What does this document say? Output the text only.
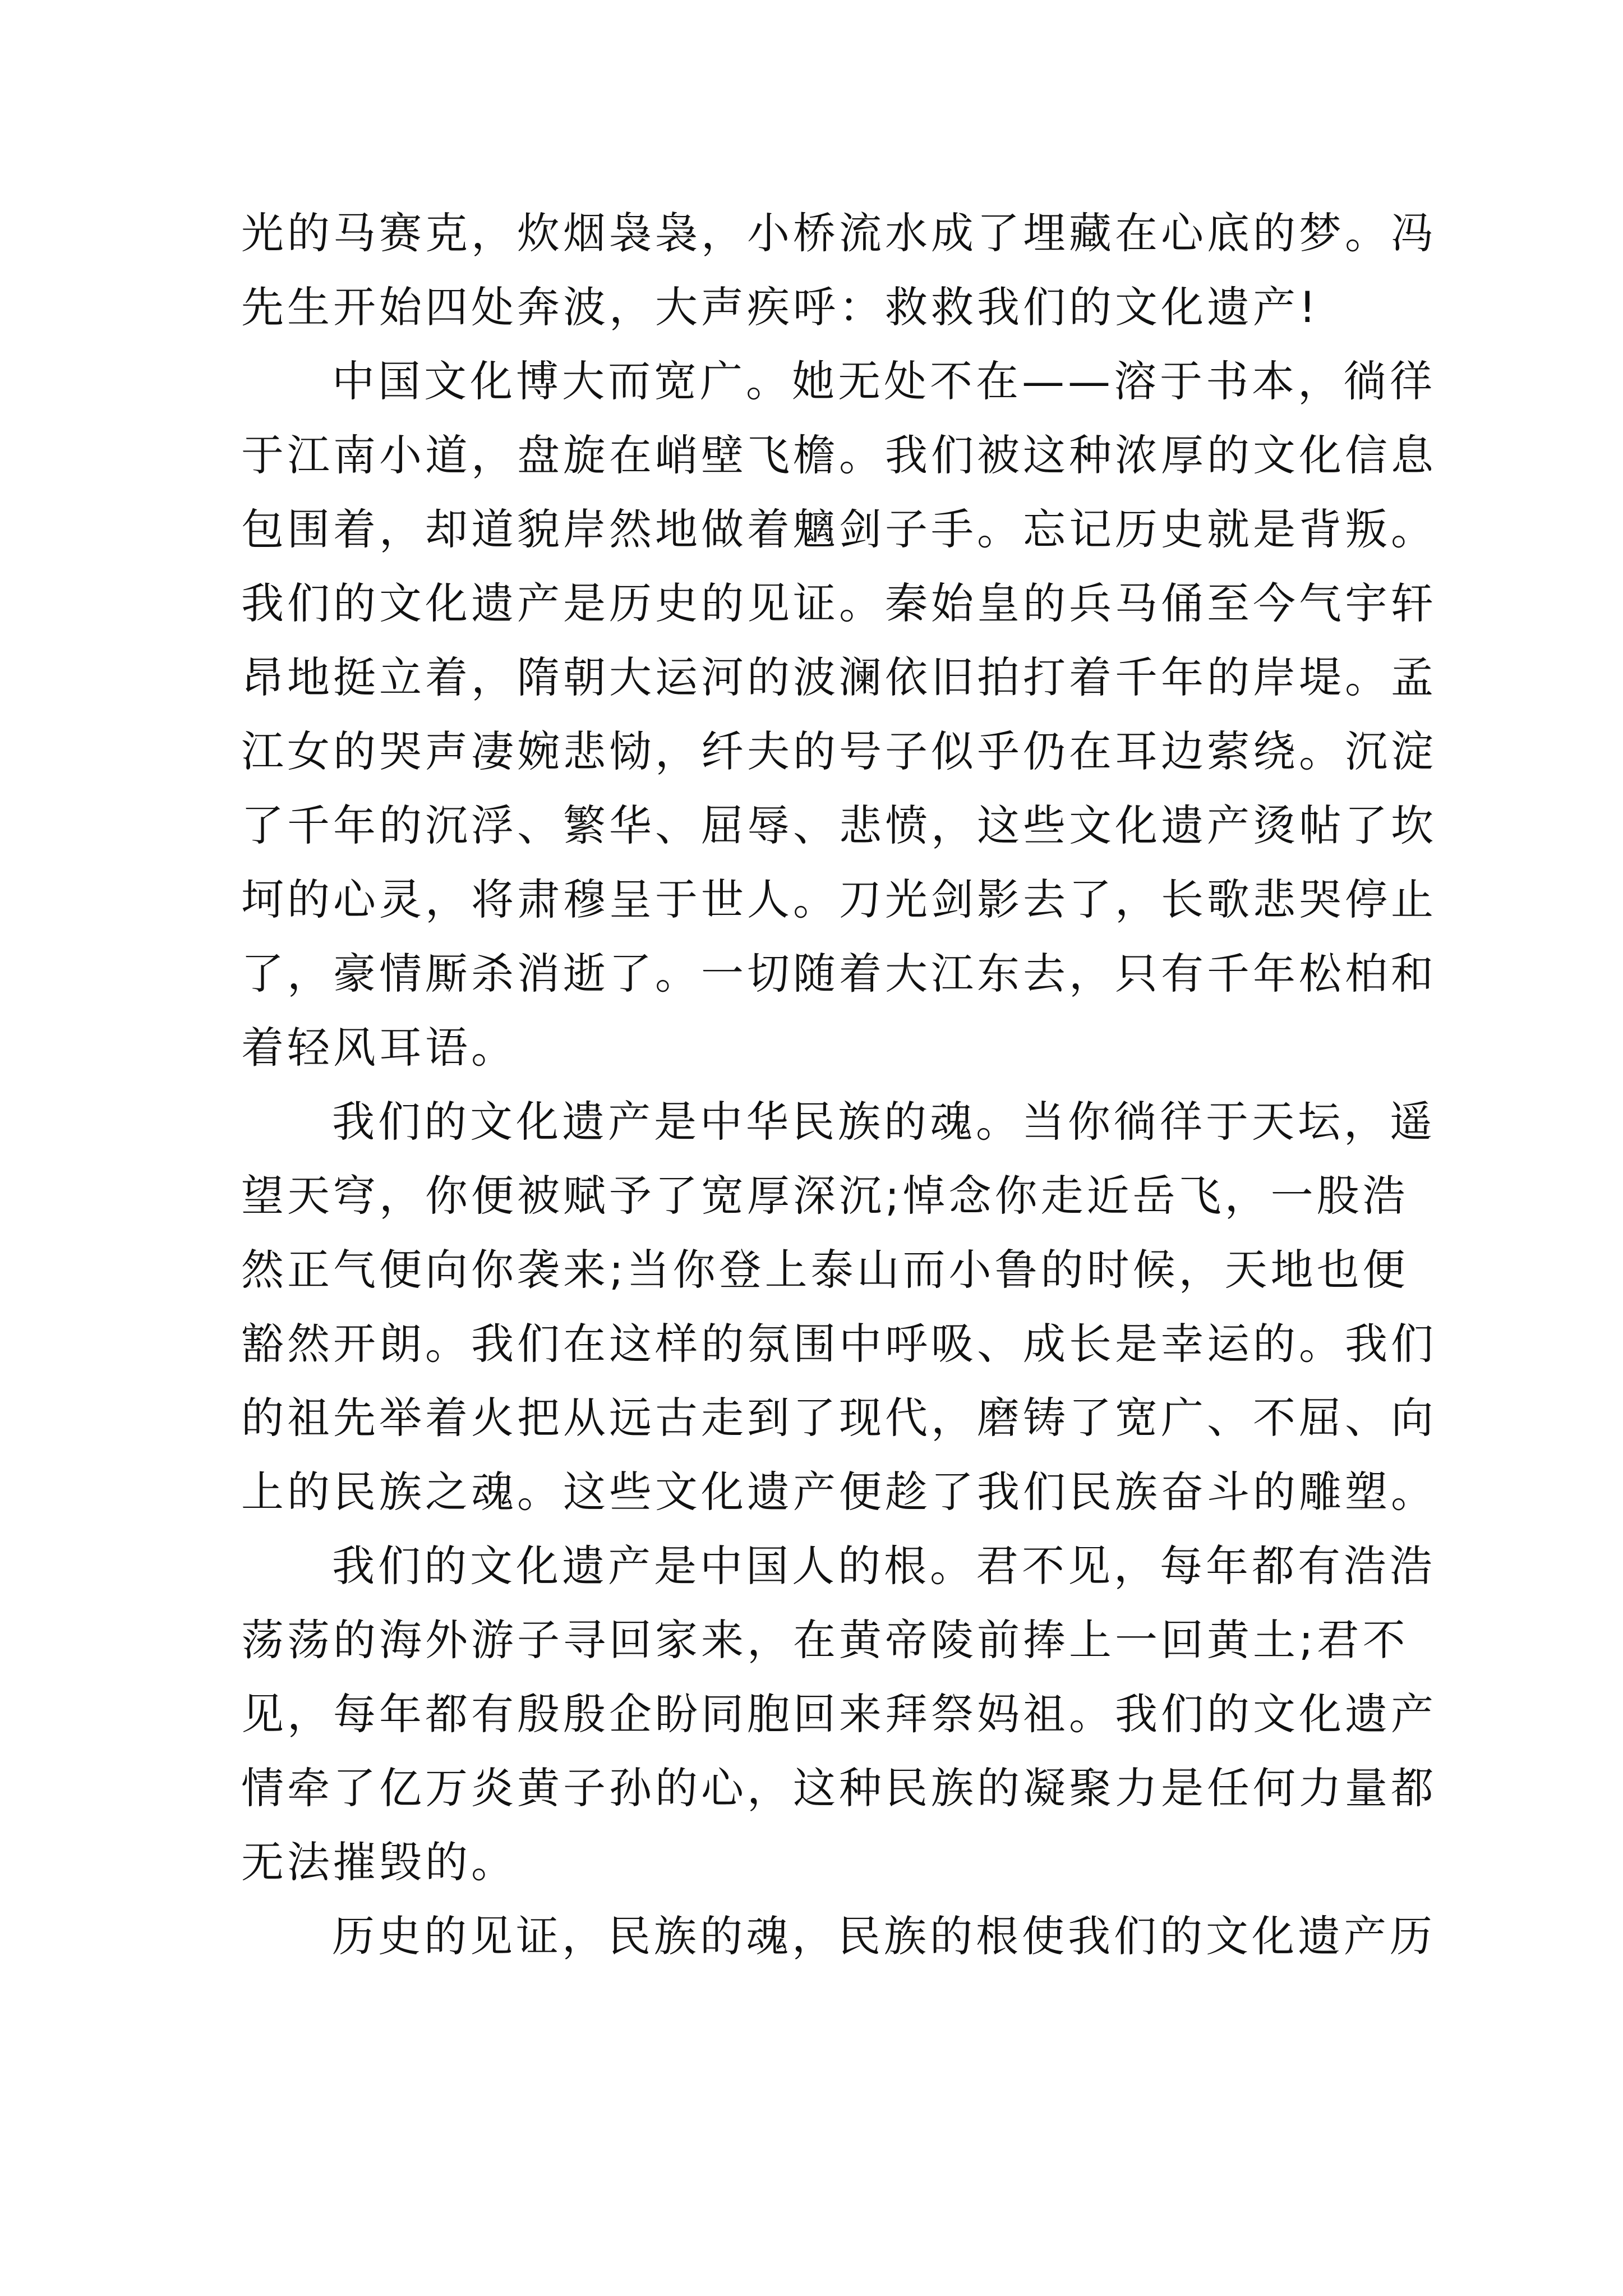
光的马赛克，炊烟袅袅，小桥流水成了埋藏在心底的梦。冯
先生开始四处奔波，大声疾呼：救救我们的文化遗产!
中国文化博大而宽广。她无处不在——溶于书本，徜徉
于江南小道，盘旋在峭壁飞檐。我们被这种浓厚的文化信息
包围着，却道貌岸然地做着魑剑子手。忘记历史就是背叛。
我们的文化遗产是历史的见证。秦始皇的兵马俑至今气宇轩
昂地挺立着，隋朝大运河的波澜依旧拍打着千年的岸堤。孟
江女的哭声凄婉悲恸，纤夫的号子似乎仍在耳边萦绕。沉淀
了千年的沉浮、繁华、屈辱、悲愤，这些文化遗产烫帖了坎
坷的心灵，将肃穆呈于世人。刀光剑影去了，长歌悲哭停止
了，豪情厮杀消逝了。一切随着大江东去，只有千年松柏和
着轻风耳语。
我们的文化遗产是中华民族的魂。当你徜徉于天坛，遥
望天穹，你便被赋予了宽厚深沉;悼念你走近岳飞，一股浩
然正气便向你袭来;当你登上泰山而小鲁的时候，天地也便
豁然开朗。我们在这样的氛围中呼吸、成长是幸运的。我们
的祖先举着火把从远古走到了现代，磨铸了宽广、不屈、向
上的民族之魂。这些文化遗产便趁了我们民族奋斗的雕塑。
我们的文化遗产是中国人的根。君不见，每年都有浩浩
荡荡的海外游子寻回家来，在黄帝陵前捧上一回黄土;君不
见，每年都有殷殷企盼同胞回来拜祭妈祖。我们的文化遗产
情牵了亿万炎黄子孙的心，这种民族的凝聚力是任何力量都
无法摧毁的。
历史的见证，民族的魂，民族的根使我们的文化遗产历
